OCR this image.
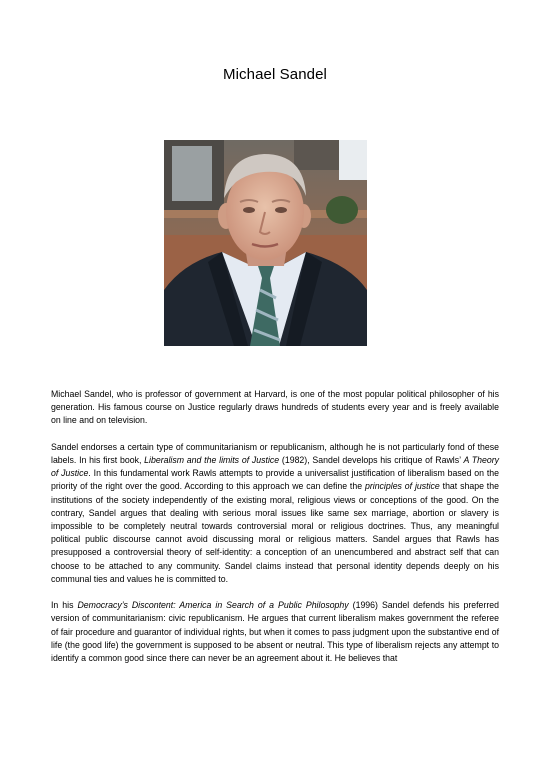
Michael Sandel

Michael Sandel, who is professor of government at Harvard, is one of the most popular political philosopher of his generation. His famous course on Justice regularly draws hundreds of students every year and is freely available on line and on television.

Sandel endorses a certain type of communitarianism or republicanism, although he is not particularly fond of these labels. In his first book, Liberalism and the limits of Justice (1982), Sandel develops his critique of Rawls’ A Theory of Justice. In this fundamental work Rawls attempts to provide a universalist justification of liberalism based on the priority of the right over the good. According to this approach we can define the principles of justice that shape the institutions of the society independently of the existing moral, religious views or conceptions of the good. On the contrary, Sandel argues that dealing with serious moral issues like same sex marriage, abortion or slavery is impossible to be completely neutral towards controversial moral or religious doctrines. Thus, any meaningful political public discourse cannot avoid discussing moral or religious matters. Sandel argues that Rawls has presupposed a controversial theory of self-identity: a conception of an unencumbered and abstract self that can choose to be attached to any community. Sandel claims instead that personal identity depends deeply on his communal ties and values he is committed to.

In his Democracy’s Discontent: America in Search of a Public Philosophy (1996) Sandel defends his preferred version of communitarianism: civic republicanism. He argues that current liberalism makes government the referee of fair procedure and guarantor of individual rights, but when it comes to pass judgment upon the substantive end of life (the good life) the government is supposed to be absent or neutral. This type of liberalism rejects any attempt to identify a common good since there can never be an agreement about it. He believes that
